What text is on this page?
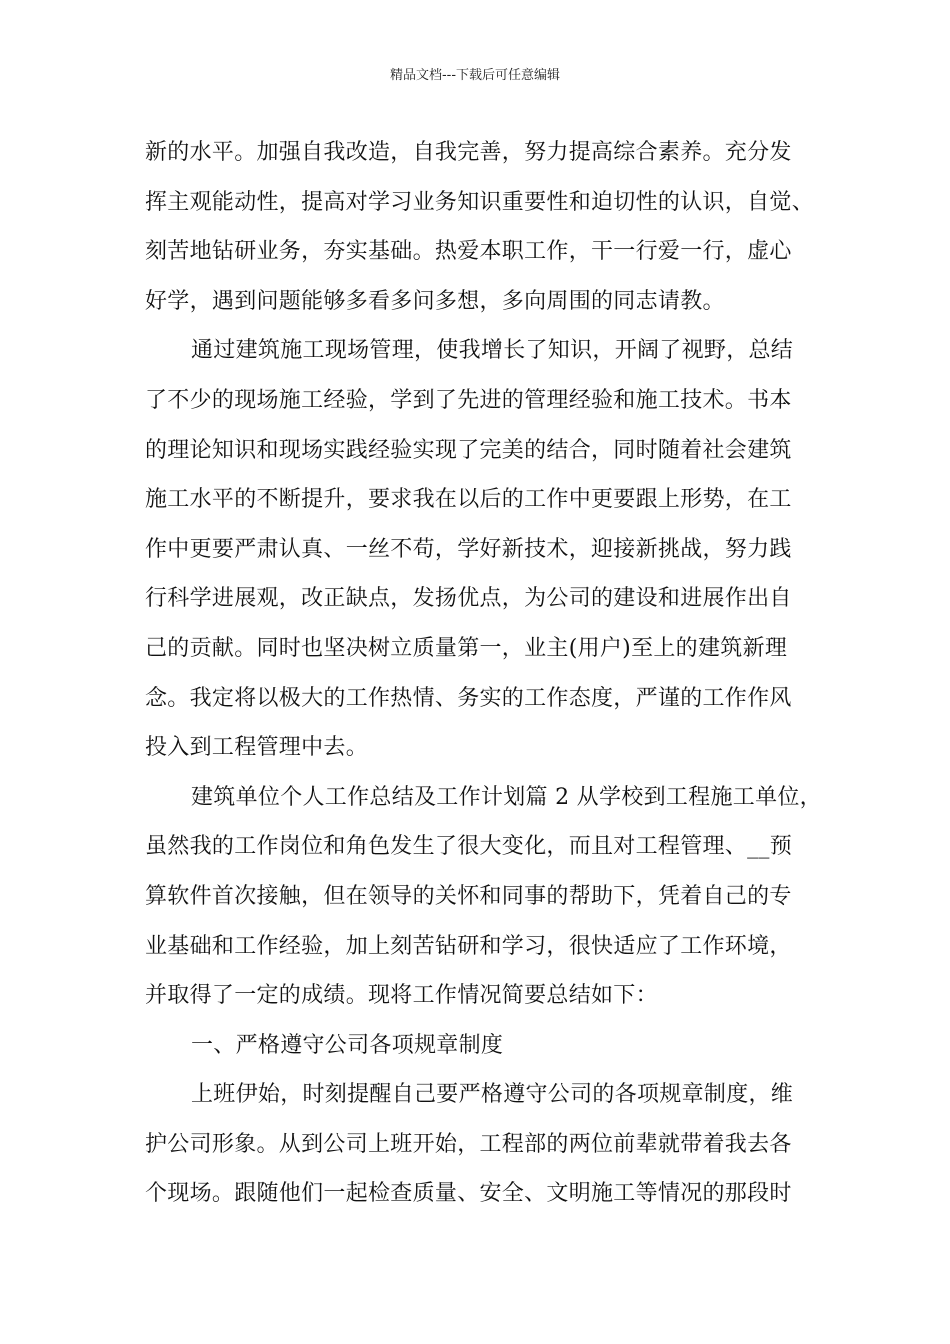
精品文档---下载后可任意编辑
新的水平。加强自我改造，自我完善，努力提高综合素养。充分发
挥主观能动性，提高对学习业务知识重要性和迫切性的认识，自觉、
刻苦地钻研业务，夯实基础。热爱本职工作，干一行爱一行，虚心
好学，遇到问题能够多看多问多想，多向周围的同志请教。
通过建筑施工现场管理，使我增长了知识，开阔了视野，总结
了不少的现场施工经验，学到了先进的管理经验和施工技术。书本
的理论知识和现场实践经验实现了完美的结合，同时随着社会建筑
施工水平的不断提升，要求我在以后的工作中更要跟上形势，在工
作中更要严肃认真、一丝不苟，学好新技术，迎接新挑战，努力践
行科学进展观，改正缺点，发扬优点，为公司的建设和进展作出自
己的贡献。同时也坚决树立质量第一，业主(用户)至上的建筑新理
念。我定将以极大的工作热情、务实的工作态度，严谨的工作作风
投入到工程管理中去。
建筑单位个人工作总结及工作计划篇 2 从学校到工程施工单位，
虽然我的工作岗位和角色发生了很大变化，而且对工程管理、__预
算软件首次接触，但在领导的关怀和同事的帮助下，凭着自己的专
业基础和工作经验，加上刻苦钻研和学习，很快适应了工作环境，
并取得了一定的成绩。现将工作情况简要总结如下：
一、严格遵守公司各项规章制度
上班伊始，时刻提醒自己要严格遵守公司的各项规章制度，维
护公司形象。从到公司上班开始，工程部的两位前辈就带着我去各
个现场。跟随他们一起检查质量、安全、文明施工等情况的那段时
